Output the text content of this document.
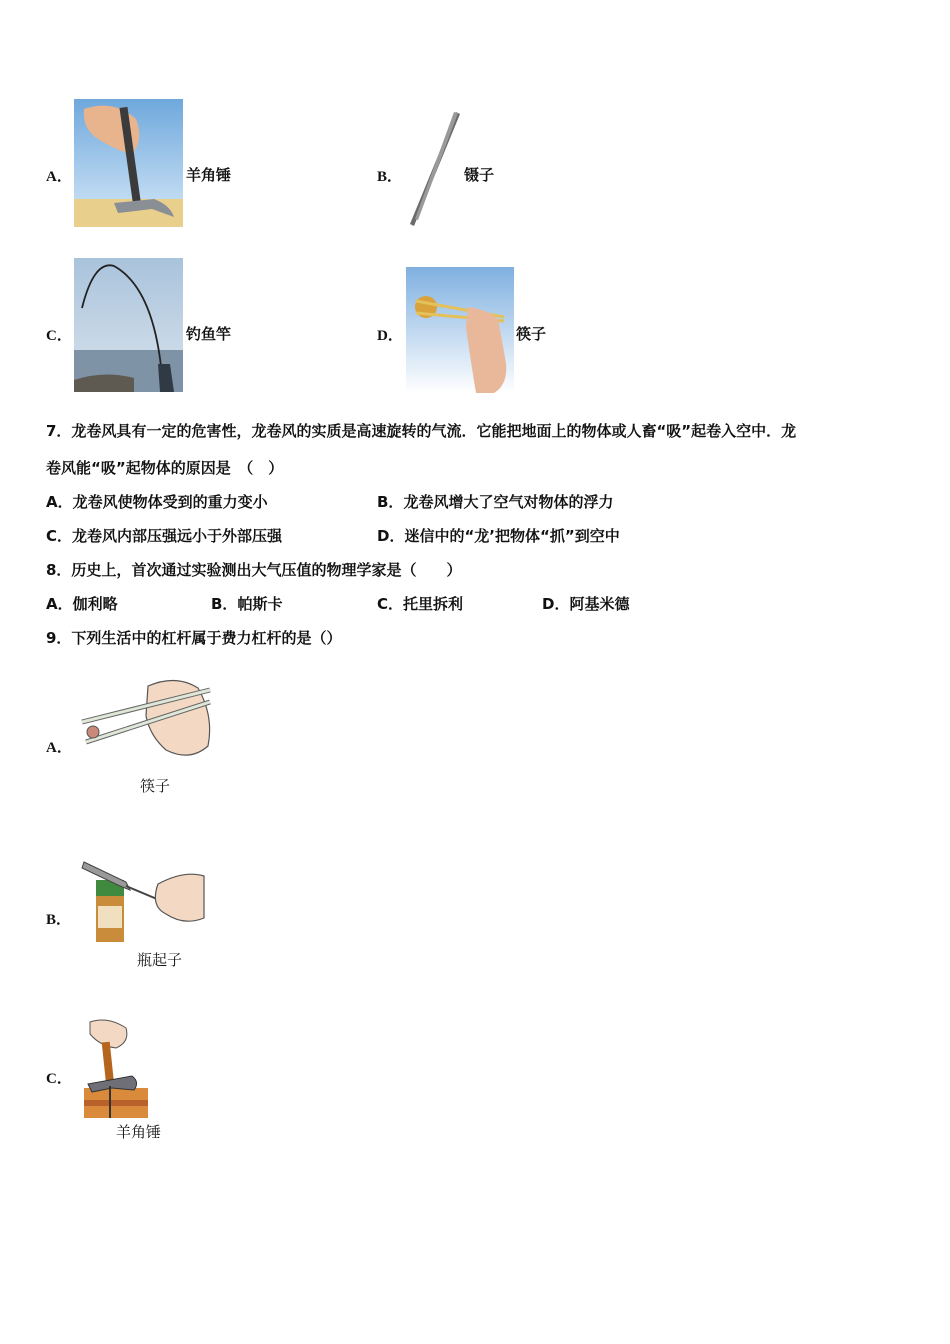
A．	羊角锤	B．	镊子
C．	钓鱼竿	D．	筷子
7．龙卷风具有一定的危害性，龙卷风的实质是高速旋转的气流．它能把地面上的物体或人畜“吸”起卷入空中．龙
卷风能“吸”起物体的原因是　（　）
A．龙卷风使物体受到的重力变小	B．龙卷风增大了空气对物体的浮力
C．龙卷风内部压强远小于外部压强	D．迷信中的“龙’把物体“抓”到空中
8．历史上，首次通过实验测出大气压值的物理学家是（　　）
A．伽利略	B．帕斯卡	C．托里拆利	D．阿基米德
9．下列生活中的杠杆属于费力杠杆的是（）
A．
筷子
B．
瓶起子
C．
羊角锤
